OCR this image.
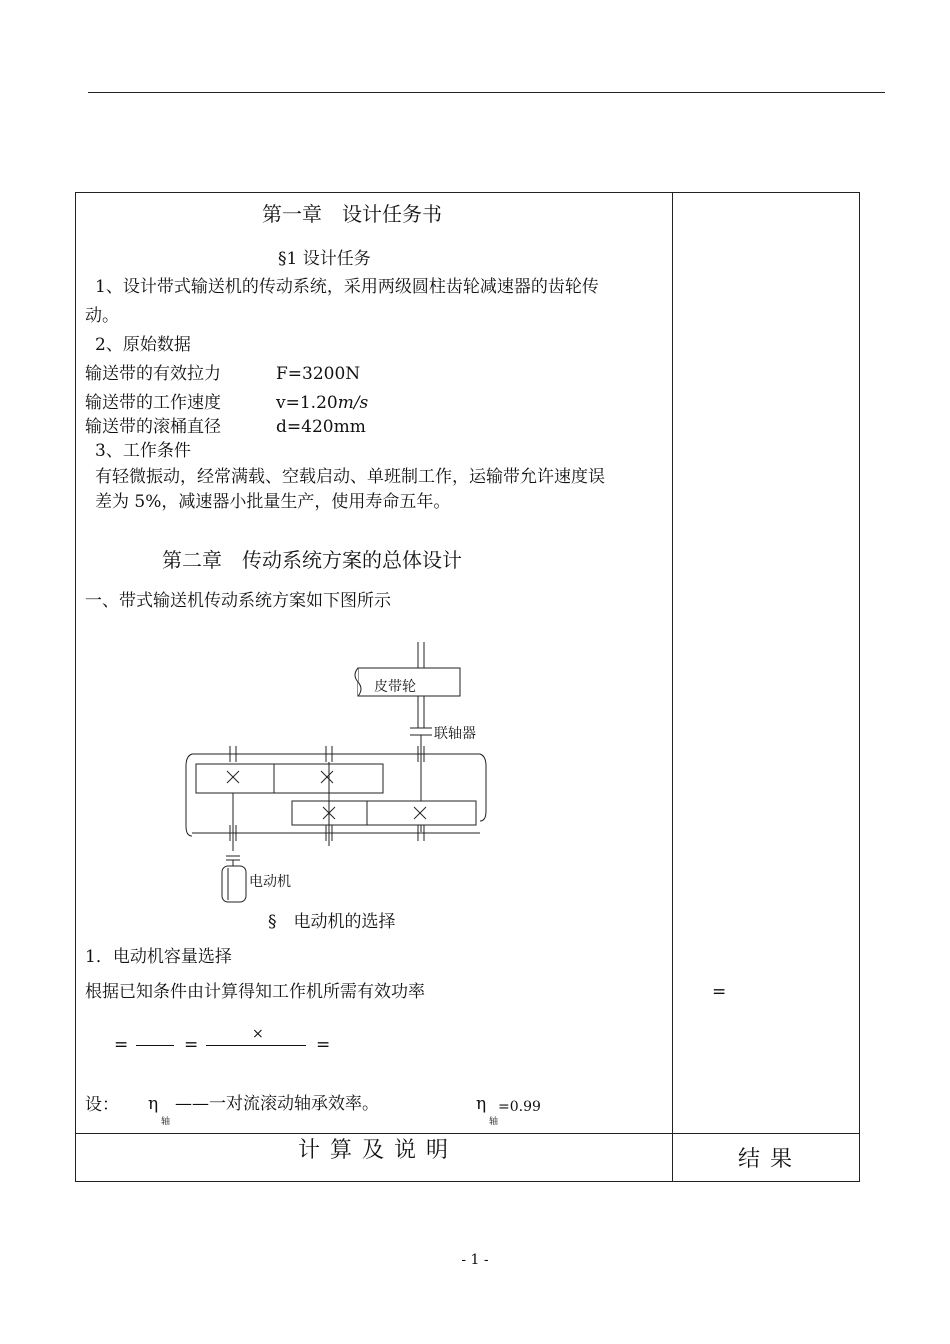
第一章　设计任务书
§1 设计任务
1、设计带式输送机的传动系统，采用两级圆柱齿轮减速器的齿轮传
动。
2、原始数据
输送带的有效拉力	F=3200N
输送带的工作速度	v=1.20m/s
输送带的滚桶直径	d=420mm
3、工作条件
有轻微振动，经常满载、空载启动、单班制工作，运输带允许速度误
差为 5%，减速器小批量生产，使用寿命五年。
第二章　传动系统方案的总体设计
一、带式输送机传动系统方案如下图所示
皮带轮
联轴器
电动机
§　电动机的选择
1．电动机容量选择
根据已知条件由计算得知工作机所需有效功率
=	=
×
=
设： η
轴
——一对流滚动轴承效率。	η
轴
=0.99
=
计算及说明	结果
- 1 -
